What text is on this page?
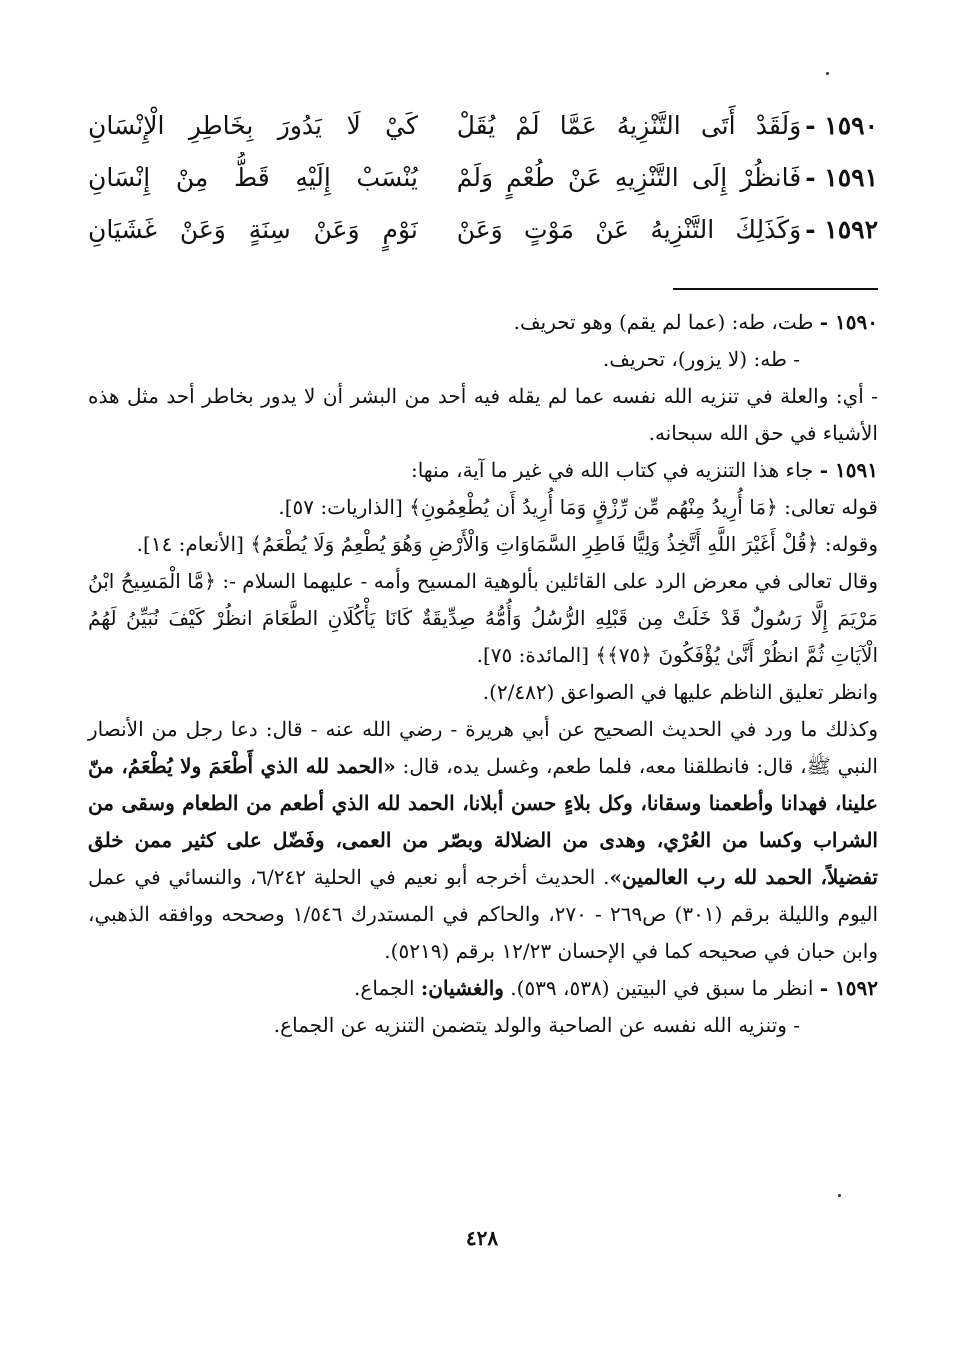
١٥٩٠ -
وَلَقَدْ أَتَى التَّنْزِيهُ عَمَّا لَمْ يُقَلْ
كَيْ لَا يَدُورَ بِخَاطِرِ الْإِنْسَانِ
١٥٩١ -
فَانظُرْ إِلَى التَّنْزِيهِ عَنْ طُعْمٍ وَلَمْ
يُنْسَبْ إِلَيْهِ قَطُّ مِنْ إِنْسَانِ
١٥٩٢ -
وَكَذَلِكَ التَّنْزِيهُ عَنْ مَوْتٍ وَعَنْ
نَوْمٍ وَعَنْ سِنَةٍ وَعَنْ غَشَيَانِ

١٥٩٠ - طت، طه: (عما لم يقم) وهو تحريف.

- طه: (لا يزور)، تحريف.

- أي: والعلة في تنزيه الله نفسه عما لم يقله فيه أحد من البشر أن لا يدور بخاطر أحد مثل هذه الأشياء في حق الله سبحانه.

١٥٩١ - جاء هذا التنزيه في كتاب الله في غير ما آية، منها:

قوله تعالى: ﴿مَا أُرِيدُ مِنْهُم مِّن رِّزْقٍ وَمَا أُرِيدُ أَن يُطْعِمُونِ﴾ [الذاريات: ٥٧].

وقوله: ﴿قُلْ أَغَيْرَ اللَّهِ أَتَّخِذُ وَلِيًّا فَاطِرِ السَّمَاوَاتِ وَالْأَرْضِ وَهُوَ يُطْعِمُ وَلَا يُطْعَمُ﴾ [الأنعام: ١٤].

وقال تعالى في معرض الرد على القائلين بألوهية المسيح وأمه - عليهما السلام -: ﴿مَّا الْمَسِيحُ ابْنُ مَرْيَمَ إِلَّا رَسُولٌ قَدْ خَلَتْ مِن قَبْلِهِ الرُّسُلُ وَأُمُّهُ صِدِّيقَةٌ كَانَا يَأْكُلَانِ الطَّعَامَ انظُرْ كَيْفَ نُبَيِّنُ لَهُمُ الْآيَاتِ ثُمَّ انظُرْ أَنَّىٰ يُؤْفَكُونَ ﴿٧٥﴾﴾ [المائدة: ٧٥].

وانظر تعليق الناظم عليها في الصواعق (٢/٤٨٢).

وكذلك ما ورد في الحديث الصحيح عن أبي هريرة - رضي الله عنه - قال: دعا رجل من الأنصار النبي ﷺ، قال: فانطلقنا معه، فلما طعم، وغسل يده، قال: «الحمد لله الذي أَطْعَمَ ولا يُطْعَمُ، منّ علينا، فهدانا وأطعمنا وسقانا، وكل بلاءٍ حسن أبلانا، الحمد لله الذي أطعم من الطعام وسقى من الشراب وكسا من العُرْي، وهدى من الضلالة وبصّر من العمى، وفَضّل على كثير ممن خلق تفضيلاً، الحمد لله رب العالمين». الحديث أخرجه أبو نعيم في الحلية ٦/٢٤٢، والنسائي في عمل اليوم والليلة برقم (٣٠١) ص٢٦٩ - ٢٧٠، والحاكم في المستدرك ١/٥٤٦ وصححه ووافقه الذهبي، وابن حبان في صحيحه كما في الإحسان ١٢/٢٣ برقم (٥٢١٩).

١٥٩٢ - انظر ما سبق في البيتين (٥٣٨، ٥٣٩). والغشيان: الجماع.

- وتنزيه الله نفسه عن الصاحبة والولد يتضمن التنزيه عن الجماع.

٤٢٨
